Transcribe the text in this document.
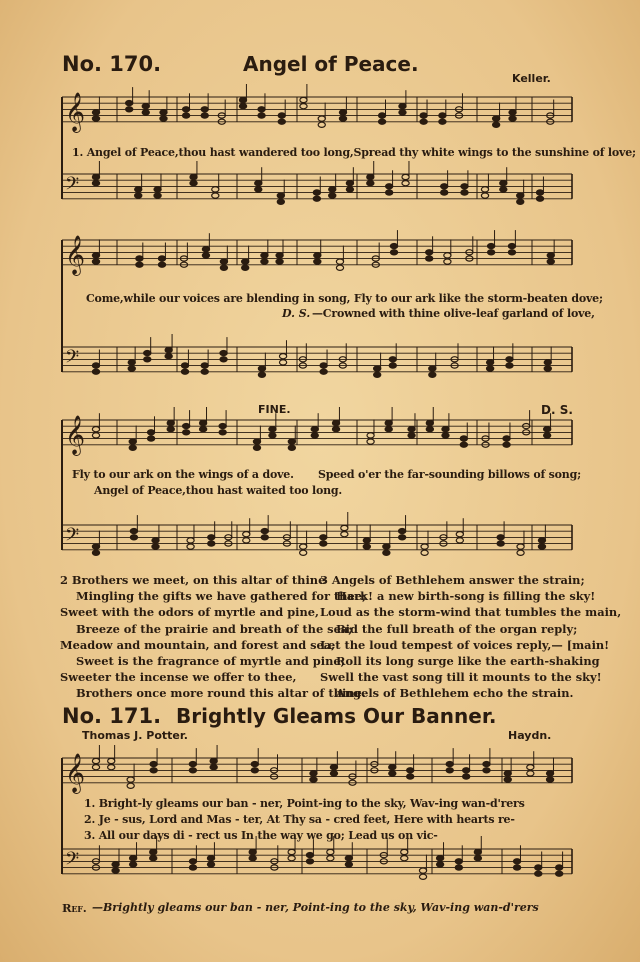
No. 170.	Angel of Peace.
Keller.
𝄞
𝄢
𝄞
𝄢
𝄞
𝄢
𝄞
𝄢
1. Angel of Peace,thou hast wandered too long,Spread thy white wings to the sunshine of love;
Come,while our voices are blending in song, Fly to our ark like the storm-beaten dove;
D. S. —Crowned with thine olive-leaf garland of love,
FINE.	D. S.
Fly to our ark on the wings of a dove. Speed o'er the far-sounding billows of song;
Angel of Peace,thou hast waited too long.
2 Brothers we meet, on this altar of thine
Mingling the gifts we have gathered for thee;
Sweet with the odors of myrtle and pine,
Breeze of the prairie and breath of the sea;
Meadow and mountain, and forest and sea,
Sweet is the fragrance of myrtle and pine;
Sweeter the incense we offer to thee,
Brothers once more round this altar of thine.
3 Angels of Bethlehem answer the strain;
Hark! a new birth-song is filling the sky!
Loud as the storm-wind that tumbles the main,
Bid the full breath of the organ reply;
Let the loud tempest of voices reply,— [main!
Roll its long surge like the earth-shaking
Swell the vast song till it mounts to the sky!
Angels of Bethlehem echo the strain.
No. 171. Brightly Gleams Our Banner.
Thomas J. Potter.	Haydn.
1. Bright-ly gleams our ban - ner, Point-ing to the sky, Wav-ing wan-d'rers
2. Je - sus, Lord and Mas - ter, At Thy sa - cred feet, Here with hearts re-
3. All our days di - rect us In the way we go; Lead us on vic-
Ref. —Brightly gleams our ban - ner, Point-ing to the sky, Wav-ing wan-d'rers
